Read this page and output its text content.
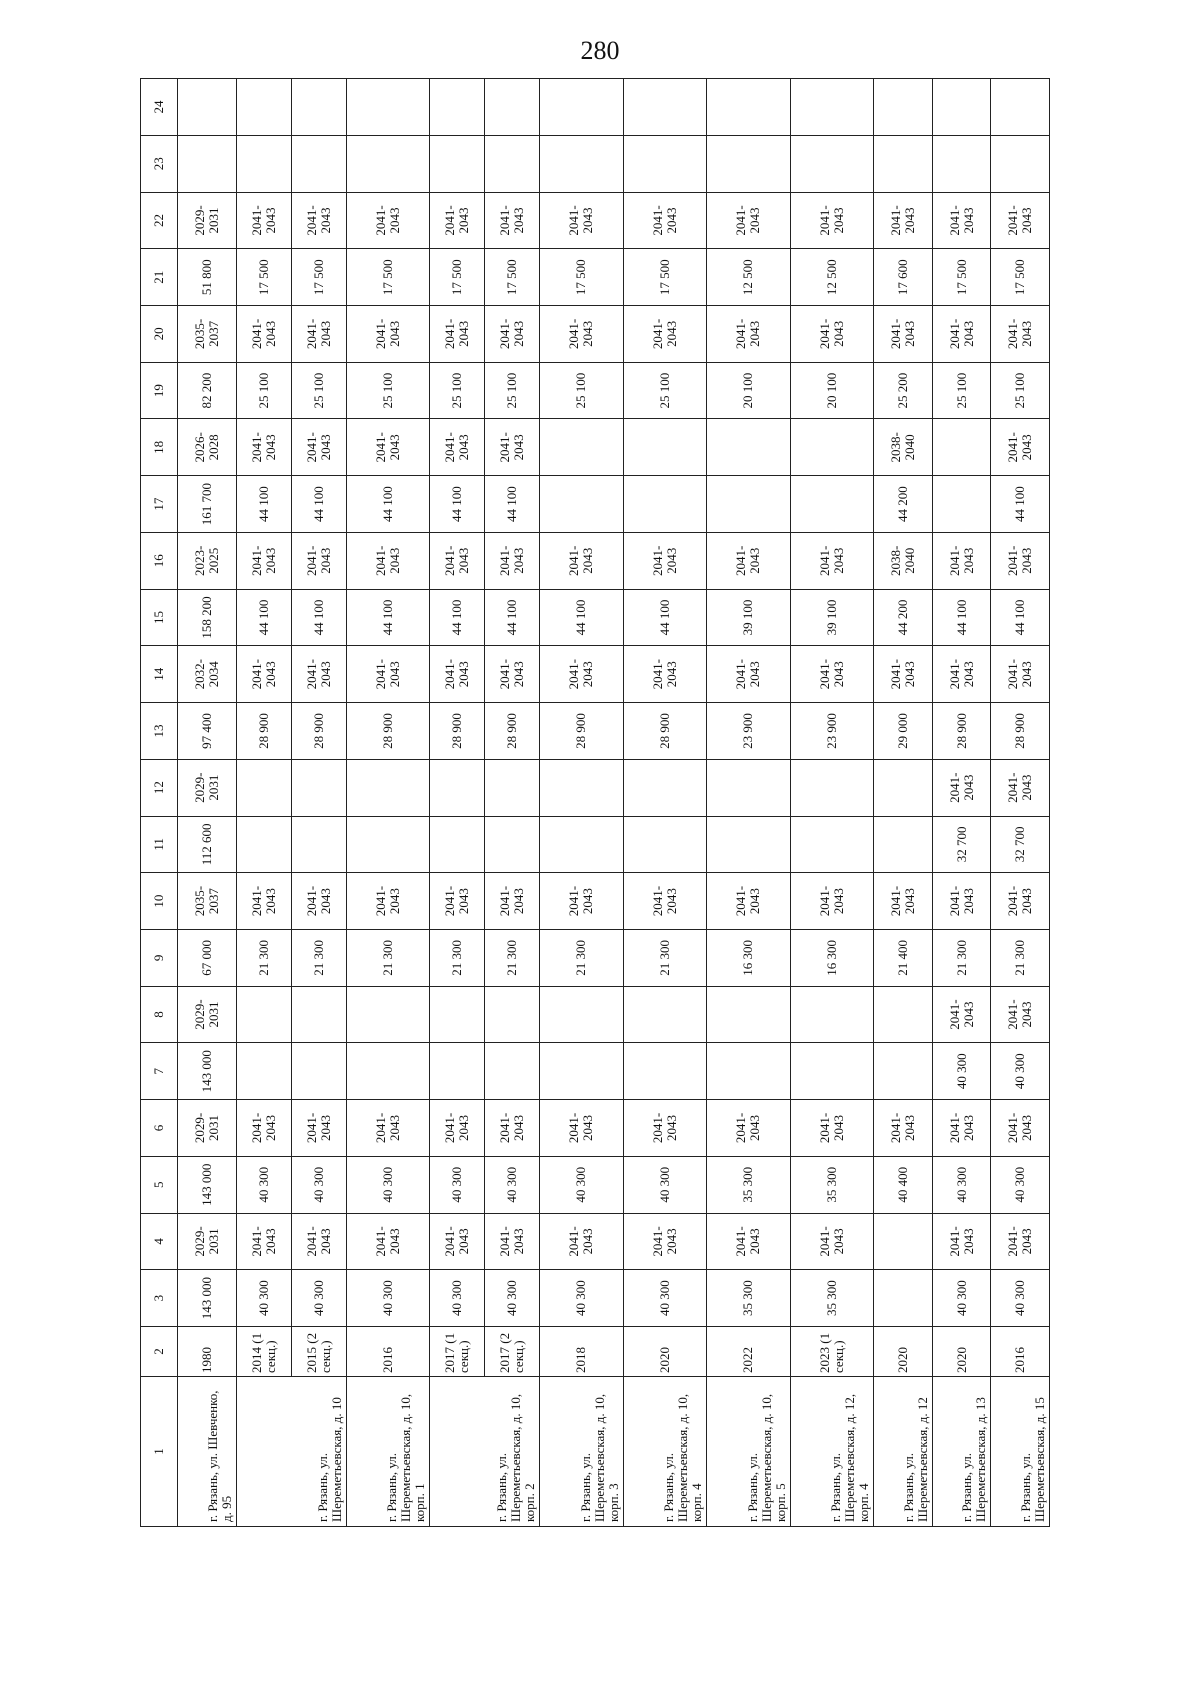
280
1	2	3	4	5	6	7	8	9	10	11	12	13	14	15	16	17	18	19	20	21	22	23	24
г. Рязань, ул. Шевченко, д. 95	1980	143 000	2029-2031	143 000	2029-2031	143 000	2029-2031	67 000	2035-2037	112 600	2029-2031	97 400	2032-2034	158 200	2023-2025	161 700	2026-2028	82 200	2035-2037	51 800	2029-2031		
г. Рязань, ул. Шереметьевская, д. 10	2014 (1 секц.)	40 300	2041-2043	40 300	2041-2043			21 300	2041-2043			28 900	2041-2043	44 100	2041-2043	44 100	2041-2043	25 100	2041-2043	17 500	2041-2043		
	2015 (2 секц.)	40 300	2041-2043	40 300	2041-2043			21 300	2041-2043			28 900	2041-2043	44 100	2041-2043	44 100	2041-2043	25 100	2041-2043	17 500	2041-2043		
г. Рязань, ул. Шереметьевская, д. 10, корп. 1	2016	40 300	2041-2043	40 300	2041-2043			21 300	2041-2043			28 900	2041-2043	44 100	2041-2043	44 100	2041-2043	25 100	2041-2043	17 500	2041-2043		
г. Рязань, ул. Шереметьевская, д. 10, корп. 2	2017 (1 секц.)	40 300	2041-2043	40 300	2041-2043			21 300	2041-2043			28 900	2041-2043	44 100	2041-2043	44 100	2041-2043	25 100	2041-2043	17 500	2041-2043		
	2017 (2 секц.)	40 300	2041-2043	40 300	2041-2043			21 300	2041-2043			28 900	2041-2043	44 100	2041-2043	44 100	2041-2043	25 100	2041-2043	17 500	2041-2043		
г. Рязань, ул. Шереметьевская, д. 10, корп. 3	2018	40 300	2041-2043	40 300	2041-2043			21 300	2041-2043			28 900	2041-2043	44 100	2041-2043			25 100	2041-2043	17 500	2041-2043		
г. Рязань, ул. Шереметьевская, д. 10, корп. 4	2020	40 300	2041-2043	40 300	2041-2043			21 300	2041-2043			28 900	2041-2043	44 100	2041-2043			25 100	2041-2043	17 500	2041-2043		
г. Рязань, ул. Шереметьевская, д. 10, корп. 5	2022	35 300	2041-2043	35 300	2041-2043			16 300	2041-2043			23 900	2041-2043	39 100	2041-2043			20 100	2041-2043	12 500	2041-2043		
г. Рязань, ул. Шереметьевская, д. 12, корп. 4	2023 (1 секц.)	35 300	2041-2043	35 300	2041-2043			16 300	2041-2043			23 900	2041-2043	39 100	2041-2043			20 100	2041-2043	12 500	2041-2043		
г. Рязань, ул. Шереметьевская, д. 12	2020			40 400	2041-2043			21 400	2041-2043			29 000	2041-2043	44 200	2038-2040	44 200	2038-2040	25 200	2041-2043	17 600	2041-2043		
г. Рязань, ул. Шереметьевская, д. 13	2020	40 300	2041-2043	40 300	2041-2043	40 300	2041-2043	21 300	2041-2043	32 700	2041-2043	28 900	2041-2043	44 100	2041-2043			25 100	2041-2043	17 500	2041-2043		
г. Рязань, ул. Шереметьевская, д. 15	2016	40 300	2041-2043	40 300	2041-2043	40 300	2041-2043	21 300	2041-2043	32 700	2041-2043	28 900	2041-2043	44 100	2041-2043	44 100	2041-2043	25 100	2041-2043	17 500	2041-2043		
